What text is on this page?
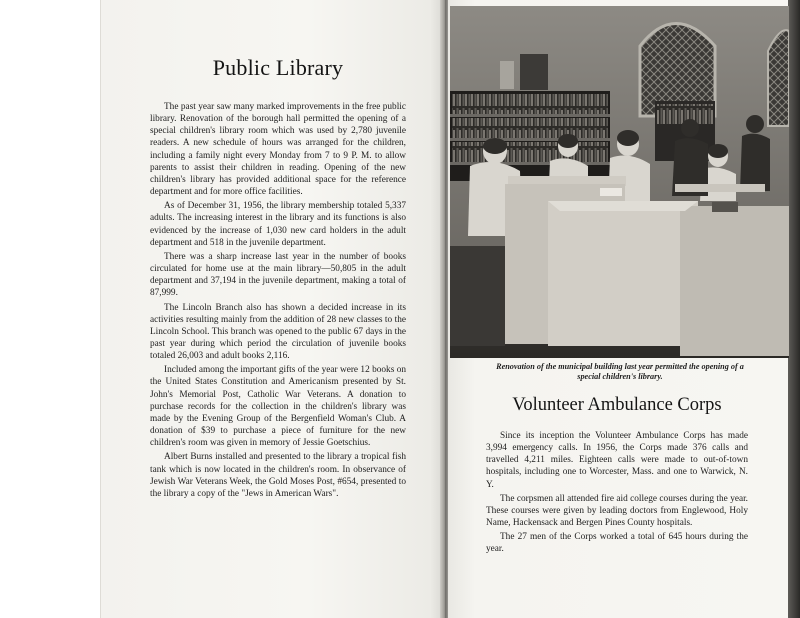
Public Library

The past year saw many marked improvements in the free public library. Renovation of the borough hall permitted the opening of a special children's library room which was used by 2,780 juvenile readers. A new schedule of hours was arranged for the children, including a family night every Monday from 7 to 9 P. M. to allow parents to assist their children in reading. Opening of the new children's library has provided additional space for the reference department and for more office facilities.

As of December 31, 1956, the library membership totaled 5,337 adults. The increasing interest in the library and its functions is also evidenced by the increase of 1,030 new card holders in the adult department and 518 in the juvenile department.

There was a sharp increase last year in the number of books circulated for home use at the main library—50,805 in the adult department and 37,194 in the juvenile department, making a total of 87,999.

The Lincoln Branch also has shown a decided increase in its activities resulting mainly from the addition of 28 new classes to the Lincoln School. This branch was opened to the public 67 days in the past year during which period the circulation of juvenile books totaled 26,003 and adult books 2,116.

Included among the important gifts of the year were 12 books on the United States Constitution and Americanism presented by St. John's Memorial Post, Catholic War Veterans. A donation to purchase records for the collection in the children's library was made by the Evening Group of the Bergenfield Woman's Club. A donation of $39 to purchase a piece of furniture for the new children's room was given in memory of Jessie Goetschius.

Albert Burns installed and presented to the library a tropical fish tank which is now located in the children's room. In observance of Jewish War Veterans Week, the Gold Moses Post, #654, presented to the library a copy of the "Jews in American Wars".

Renovation of the municipal building last year permitted the opening of a special children's library.

Volunteer Ambulance Corps

Since its inception the Volunteer Ambulance Corps has made 3,994 emergency calls. In 1956, the Corps made 376 calls and travelled 4,211 miles. Eighteen calls were made to out-of-town hospitals, including one to Worcester, Mass. and one to Warwick, N. Y.

The corpsmen all attended fire aid college courses during the year. These courses were given by leading doctors from Englewood, Holy Name, Hackensack and Bergen Pines County hospitals.

The 27 men of the Corps worked a total of 645 hours during the year.
